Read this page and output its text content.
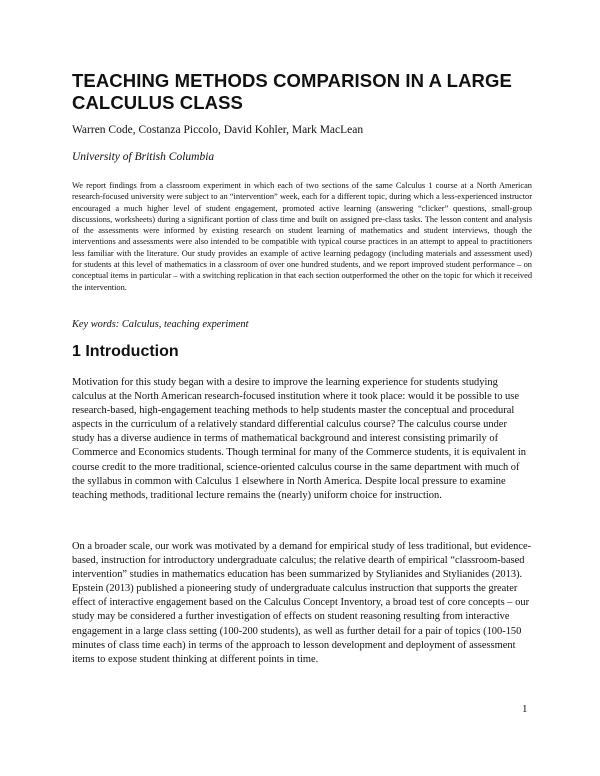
TEACHING METHODS COMPARISON IN A LARGE CALCULUS CLASS
Warren Code, Costanza Piccolo, David Kohler, Mark MacLean
University of British Columbia

We report findings from a classroom experiment in which each of two sections of the same Calculus 1 course at a North American research-focused university were subject to an “intervention” week, each for a different topic, during which a less-experienced instructor encouraged a much higher level of student engagement, promoted active learning (answering “clicker” questions, small-group discussions, worksheets) during a significant portion of class time and built on assigned pre-class tasks. The lesson content and analysis of the assessments were informed by existing research on student learning of mathematics and student interviews, though the interventions and assessments were also intended to be compatible with typical course practices in an attempt to appeal to practitioners less familiar with the literature. Our study provides an example of active learning pedagogy (including materials and assessment used) for students at this level of mathematics in a classroom of over one hundred students, and we report improved student performance – on conceptual items in particular – with a switching replication in that each section outperformed the other on the topic for which it received the intervention.

Key words: Calculus, teaching experiment
1 Introduction

Motivation for this study began with a desire to improve the learning experience for students studying calculus at the North American research-focused institution where it took place: would it be possible to use research-based, high-engagement teaching methods to help students master the conceptual and procedural aspects in the curriculum of a relatively standard differential calculus course? The calculus course under study has a diverse audience in terms of mathematical background and interest consisting primarily of Commerce and Economics students. Though terminal for many of the Commerce students, it is equivalent in course credit to the more traditional, science-oriented calculus course in the same department with much of the syllabus in common with Calculus 1 elsewhere in North America. Despite local pressure to examine teaching methods, traditional lecture remains the (nearly) uniform choice for instruction.

On a broader scale, our work was motivated by a demand for empirical study of less traditional, but evidence-based, instruction for introductory undergraduate calculus; the relative dearth of empirical “classroom-based intervention” studies in mathematics education has been summarized by Stylianides and Stylianides (2013). Epstein (2013) published a pioneering study of undergraduate calculus instruction that supports the greater effect of interactive engagement based on the Calculus Concept Inventory, a broad test of core concepts – our study may be considered a further investigation of effects on student reasoning resulting from interactive engagement in a large class setting (100-200 students), as well as further detail for a pair of topics (100-150 minutes of class time each) in terms of the approach to lesson development and deployment of assessment items to expose student thinking at different points in time.

1
